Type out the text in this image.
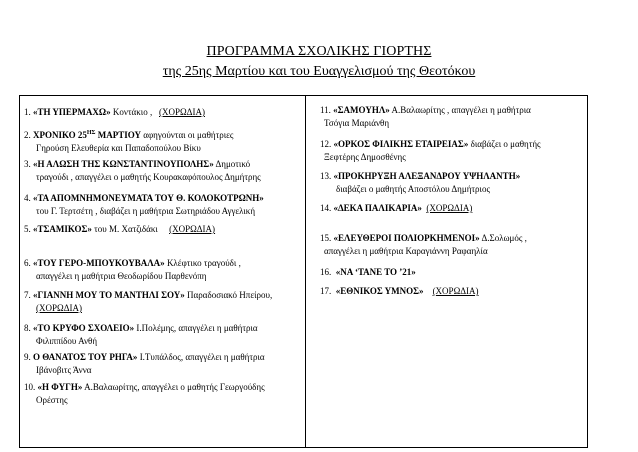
ΠΡΟΓΡΑΜΜΑ ΣΧΟΛΙΚΗΣ ΓΙΟΡΤΗΣ
της 25ης Μαρτίου και του Ευαγγελισμού της Θεοτόκου
1. «ΤΗ ΥΠΕΡΜΑΧΩ» Κοντάκιο , (ΧΟΡΩΔΙΑ)
2. ΧΡΟΝΙΚΟ $25^{H\Sigma}$ ΜΑΡΤΙΟΥ αφηγούνται οι μαθήτριες
Γηρούση Ελευθερία και Παπαδοπούλου Βίκυ
3. «Η ΑΛΩΣΗ ΤΗΣ ΚΩΝΣΤΑΝΤΙΝΟΥΠΟΛΗΣ» Δημοτικό
τραγούδι , απαγγέλει ο μαθητής Κουρακαφόπουλος Δημήτρης
4. «ΤΑ ΑΠΟΜΝΗΜΟΝΕΥΜΑΤΑ ΤΟΥ Θ. ΚΟΛΟΚΟΤΡΩΝΗ»
του Γ. Τερτσέτη , διαβάζει η μαθήτρια Σωτηριάδου Αγγελική
5. «ΤΣΑΜΙΚΟΣ» του Μ. Χατζιδάκι (ΧΟΡΩΔΙΑ)
6. «ΤΟΥ ΓΕΡΟ-ΜΠΟΥΚΟΥΒΑΛΑ» Κλέφτικο τραγούδι ,
απαγγέλει η μαθήτρια Θεοδωρίδου Παρθενόπη
7. «ΓΙΑΝΝΗ ΜΟΥ ΤΟ ΜΑΝΤΗΛΙ ΣΟΥ» Παραδοσιακό Ηπείρου, (ΧΟΡΩΔΙΑ)
8. «ΤΟ ΚΡΥΦΟ ΣΧΟΛΕΙΟ» Ι.Πολέμης, απαγγέλει η μαθήτρια
Φιλιππίδου Ανθή
9. Ο ΘΑΝΑΤΟΣ ΤΟΥ ΡΗΓΑ» Ι.Τυπάλδος, απαγγέλει η μαθήτρια
Ιβάνοβιτς Άννα
10. «Η ΦΥΓΗ» Α.Βαλαωρίτης, απαγγέλει ο μαθητής Γεωργούδης
Ορέστης
11. «ΣΑΜΟΥΗΛ» Α.Βαλαωρίτης , απαγγέλει η μαθήτρια
Τσόγια Μαριάνθη
12. «ΟΡΚΟΣ ΦΙΛΙΚΗΣ ΕΤΑΙΡΕΙΑΣ» διαβάζει ο μαθητής
Ξεφτέρης Δημοσθένης
13. «ΠΡΟΚΗΡΥΞΗ ΑΛΕΞΑΝΔΡΟΥ ΥΨΗΛΑΝΤΗ»
διαβάζει ο μαθητής Αποστόλου Δημήτριος
14. «ΔΕΚΑ ΠΑΛΙΚΑΡΙΑ» (ΧΟΡΩΔΙΑ)
15. «ΕΛΕΥΘΕΡΟΙ ΠΟΛΙΟΡΚΗΜΕΝΟΙ» Δ.Σολωμός ,
απαγγέλει η μαθήτρια Καραγιάννη Ραφαηλία
16. «ΝΑ ‘ΤΑΝΕ ΤΟ ’21»
17. «ΕΘΝΙΚΟΣ ΥΜΝΟΣ» (ΧΟΡΩΔΙΑ)
